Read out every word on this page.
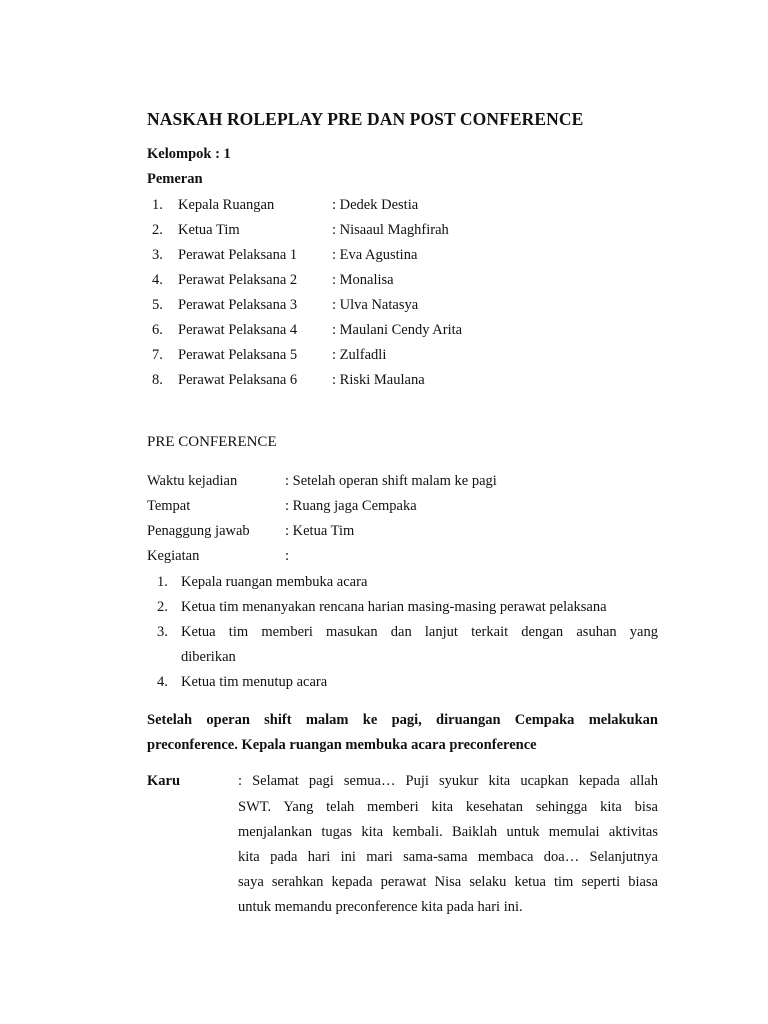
NASKAH ROLEPLAY PRE DAN POST CONFERENCE
Kelompok : 1
Pemeran
1.	Kepala Ruangan	: Dedek Destia
2.	Ketua Tim	: Nisaaul Maghfirah
3.	Perawat Pelaksana 1 : Eva Agustina
4.	Perawat Pelaksana 2 : Monalisa
5.	Perawat Pelaksana 3 : Ulva Natasya
6.	Perawat Pelaksana 4 : Maulani Cendy Arita
7.	Perawat Pelaksana 5 : Zulfadli
8.	Perawat Pelaksana 6 : Riski Maulana
PRE CONFERENCE
Waktu kejadian	: Setelah operan shift malam ke pagi
Tempat	: Ruang jaga Cempaka
Penaggung jawab : Ketua Tim
Kegiatan	:
1. Kepala ruangan membuka acara
2. Ketua tim menanyakan rencana harian masing-masing perawat pelaksana
3. Ketua tim memberi masukan dan lanjut terkait dengan asuhan yang
diberikan
4. Ketua tim menutup acara
Setelah operan shift malam ke pagi, diruangan Cempaka melakukan
preconference. Kepala ruangan membuka acara preconference
Karu	: Selamat pagi semua… Puji syukur kita ucapkan kepada allah
SWT. Yang telah memberi kita kesehatan sehingga kita bisa
menjalankan tugas kita kembali. Baiklah untuk memulai aktivitas
kita pada hari ini mari sama-sama membaca doa… Selanjutnya
saya serahkan kepada perawat Nisa selaku ketua tim seperti biasa
untuk memandu preconference kita pada hari ini.
